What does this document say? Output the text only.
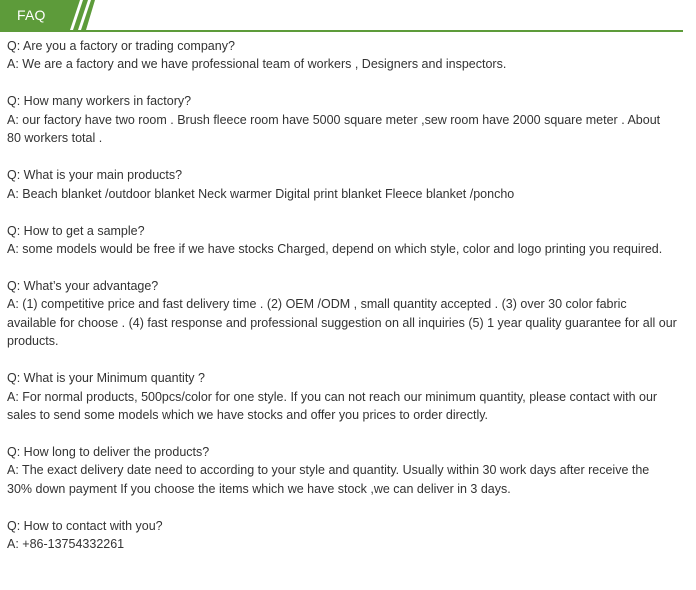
FAQ
Q: Are you a factory or trading company?
A: We are a factory and we have professional team of workers , Designers and inspectors.
Q: How many workers in factory?
A: our factory have two room . Brush fleece room have 5000 square meter ,sew room have 2000 square meter . About
80 workers total .
Q: What is your main products?
A: Beach blanket /outdoor blanket Neck warmer Digital print blanket Fleece blanket /poncho
Q: How to get a sample?
A: some models would be free if we have stocks Charged, depend on which style, color and logo printing you required.
Q: What’s your advantage?
A: (1) competitive price and fast delivery time . (2) OEM /ODM , small quantity accepted . (3) over 30 color fabric available for choose . (4) fast response and professional suggestion on all inquiries (5) 1 year quality guarantee for all our products.
Q: What is your Minimum quantity ?
A: For normal products, 500pcs/color for one style. If you can not reach our minimum quantity, please contact with our sales to send some models which we have stocks and offer you prices to order directly.
Q: How long to deliver the products?
A: The exact delivery date need to according to your style and quantity. Usually within 30 work days after receive the 30% down payment If you choose the items which we have stock ,we can deliver in 3 days.
Q: How to contact with you?
A: +86-13754332261
